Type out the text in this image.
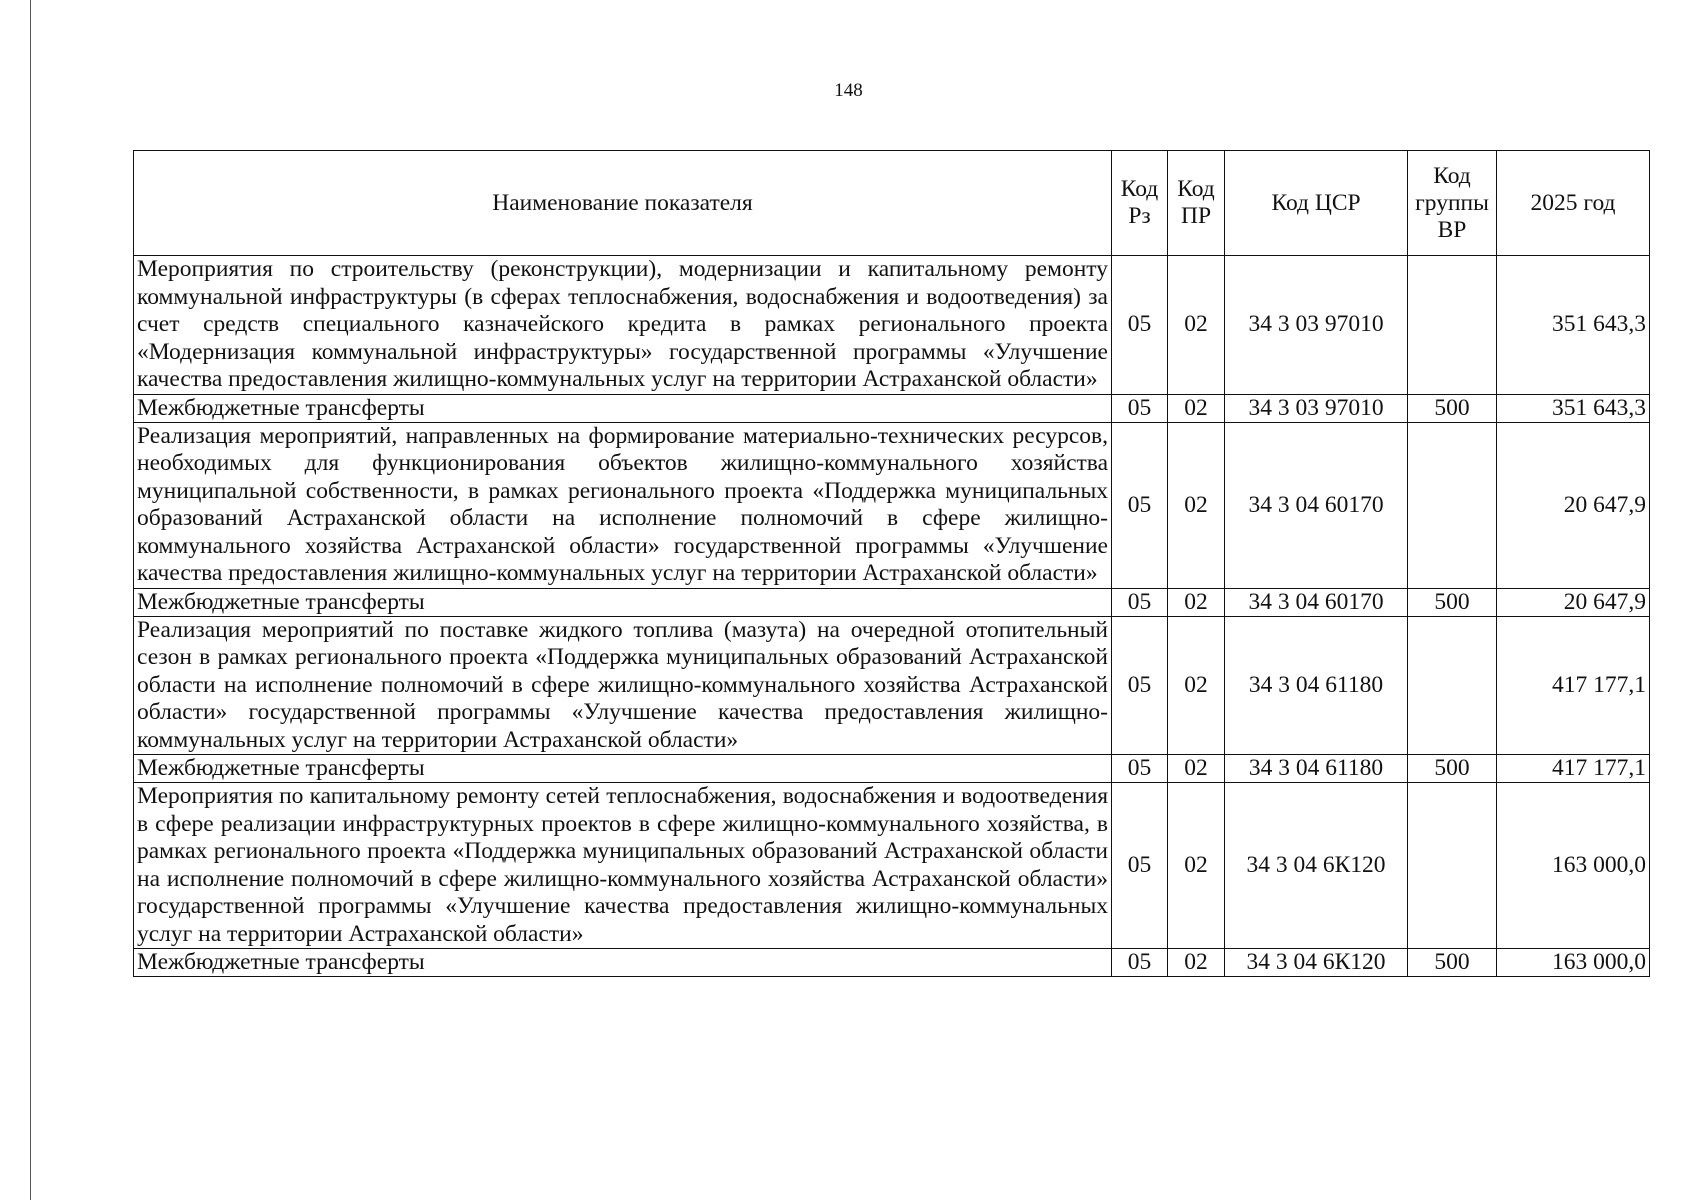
148
Наименование показателя	Код Рз	Код ПР	Код ЦСР	Код группы ВР	2025 год
Мероприятия по строительству (реконструкции), модернизации и капитальному ремонту коммунальной инфраструктуры (в сферах теплоснабжения, водоснабжения и водоотведения) за счет средств специального казначейского кредита в рамках регионального проекта «Модернизация коммунальной инфраструктуры» государственной программы «Улучшение качества предоставления жилищно-коммунальных услуг на территории Астраханской области»	05	02	34 3 03 97010		351 643,3
Межбюджетные трансферты	05	02	34 3 03 97010	500	351 643,3
Реализация мероприятий, направленных на формирование материально-технических ресурсов, необходимых для функционирования объектов жилищно-коммунального хозяйства муниципальной собственности, в рамках регионального проекта «Поддержка муниципальных образований Астраханской области на исполнение полномочий в сфере жилищно-коммунального хозяйства Астраханской области» государственной программы «Улучшение качества предоставления жилищно-коммунальных услуг на территории Астраханской области»	05	02	34 3 04 60170		20 647,9
Межбюджетные трансферты	05	02	34 3 04 60170	500	20 647,9
Реализация мероприятий по поставке жидкого топлива (мазута) на очередной отопительный сезон в рамках регионального проекта «Поддержка муниципальных образований Астраханской области на исполнение полномочий в сфере жилищно-коммунального хозяйства Астраханской области» государственной программы «Улучшение качества предоставления жилищно-коммунальных услуг на территории Астраханской области»	05	02	34 3 04 61180		417 177,1
Межбюджетные трансферты	05	02	34 3 04 61180	500	417 177,1
Мероприятия по капитальному ремонту сетей теплоснабжения, водоснабжения и водоотведения в сфере реализации инфраструктурных проектов в сфере жилищно-коммунального хозяйства, в рамках регионального проекта «Поддержка муниципальных образований Астраханской области на исполнение полномочий в сфере жилищно-коммунального хозяйства Астраханской области» государственной программы «Улучшение качества предоставления жилищно-коммунальных услуг на территории Астраханской области»	05	02	34 3 04 6К120		163 000,0
Межбюджетные трансферты	05	02	34 3 04 6К120	500	163 000,0
